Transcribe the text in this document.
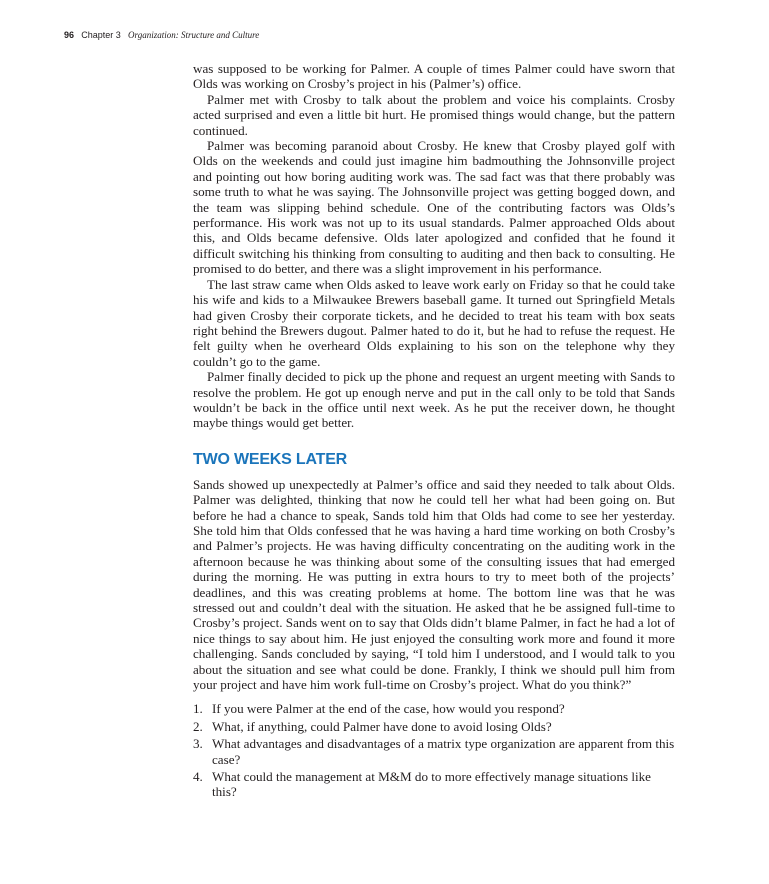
96 Chapter 3 Organization: Structure and Culture

was supposed to be working for Palmer. A couple of times Palmer could have sworn that Olds was working on Crosby’s project in his (Palmer’s) office.

Palmer met with Crosby to talk about the problem and voice his complaints. Crosby acted surprised and even a little bit hurt. He promised things would change, but the pattern continued.

Palmer was becoming paranoid about Crosby. He knew that Crosby played golf with Olds on the weekends and could just imagine him badmouthing the Johnsonville project and pointing out how boring auditing work was. The sad fact was that there probably was some truth to what he was saying. The Johnsonville project was getting bogged down, and the team was slipping behind schedule. One of the contributing factors was Olds’s performance. His work was not up to its usual standards. Palmer approached Olds about this, and Olds became defensive. Olds later apologized and confided that he found it difficult switching his thinking from consulting to auditing and then back to consulting. He promised to do better, and there was a slight improvement in his performance.

The last straw came when Olds asked to leave work early on Friday so that he could take his wife and kids to a Milwaukee Brewers baseball game. It turned out Springfield Metals had given Crosby their corporate tickets, and he decided to treat his team with box seats right behind the Brewers dugout. Palmer hated to do it, but he had to refuse the request. He felt guilty when he overheard Olds explaining to his son on the telephone why they couldn’t go to the game.

Palmer finally decided to pick up the phone and request an urgent meeting with Sands to resolve the problem. He got up enough nerve and put in the call only to be told that Sands wouldn’t be back in the office until next week. As he put the receiver down, he thought maybe things would get better.

TWO WEEKS LATER

Sands showed up unexpectedly at Palmer’s office and said they needed to talk about Olds. Palmer was delighted, thinking that now he could tell her what had been going on. But before he had a chance to speak, Sands told him that Olds had come to see her yesterday. She told him that Olds confessed that he was having a hard time working on both Crosby’s and Palmer’s projects. He was having difficulty concentrating on the auditing work in the afternoon because he was thinking about some of the consulting issues that had emerged during the morning. He was putting in extra hours to try to meet both of the projects’ deadlines, and this was creating problems at home. The bottom line was that he was stressed out and couldn’t deal with the situation. He asked that he be assigned full-time to Crosby’s project. Sands went on to say that Olds didn’t blame Palmer, in fact he had a lot of nice things to say about him. He just enjoyed the consulting work more and found it more challenging. Sands concluded by saying, “I told him I understood, and I would talk to you about the situation and see what could be done. Frankly, I think we should pull him from your project and have him work full-time on Crosby’s project. What do you think?”

1. If you were Palmer at the end of the case, how would you respond?
2. What, if anything, could Palmer have done to avoid losing Olds?
3. What advantages and disadvantages of a matrix type organization are apparent from this case?
4. What could the management at M&M do to more effectively manage situations like this?
